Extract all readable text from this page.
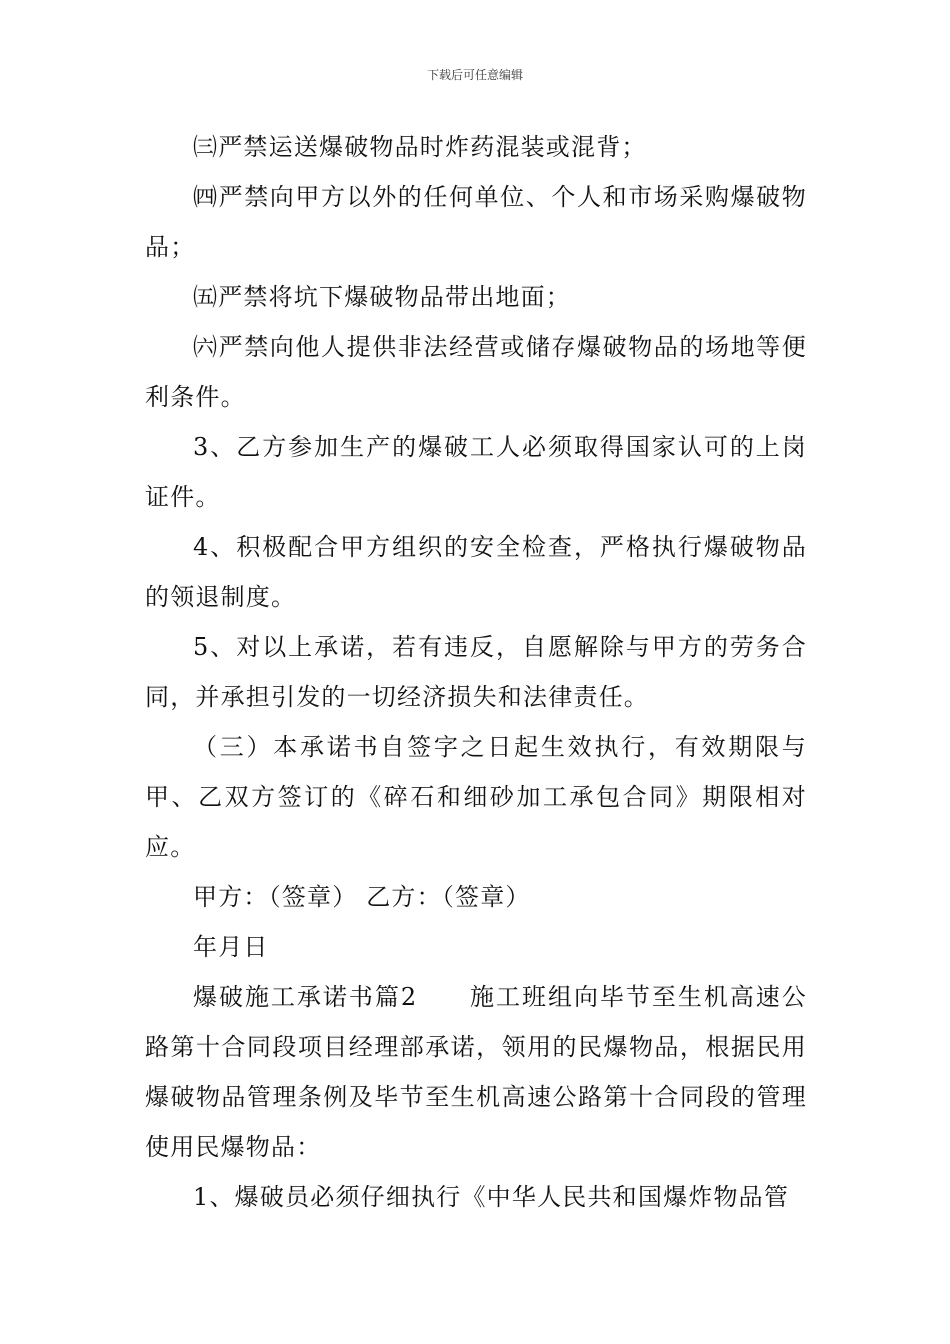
下载后可任意编辑

㈢严禁运送爆破物品时炸药混装或混背；

㈣严禁向甲方以外的任何单位、个人和市场采购爆破物品；

㈤严禁将坑下爆破物品带出地面；

㈥严禁向他人提供非法经营或储存爆破物品的场地等便利条件。

3、乙方参加生产的爆破工人必须取得国家认可的上岗证件。

4、积极配合甲方组织的安全检查，严格执行爆破物品的领退制度。

5、对以上承诺，若有违反，自愿解除与甲方的劳务合同，并承担引发的一切经济损失和法律责任。

（三）本承诺书自签字之日起生效执行，有效期限与甲、乙双方签订的《碎石和细砂加工承包合同》期限相对应。

甲方：（签章） 乙方：（签章）

年月日

爆破施工承诺书篇2　　施工班组向毕节至生机高速公路第十合同段项目经理部承诺，领用的民爆物品，根据民用爆破物品管理条例及毕节至生机高速公路第十合同段的管理使用民爆物品：

1、爆破员必须仔细执行《中华人民共和国爆炸物品管
